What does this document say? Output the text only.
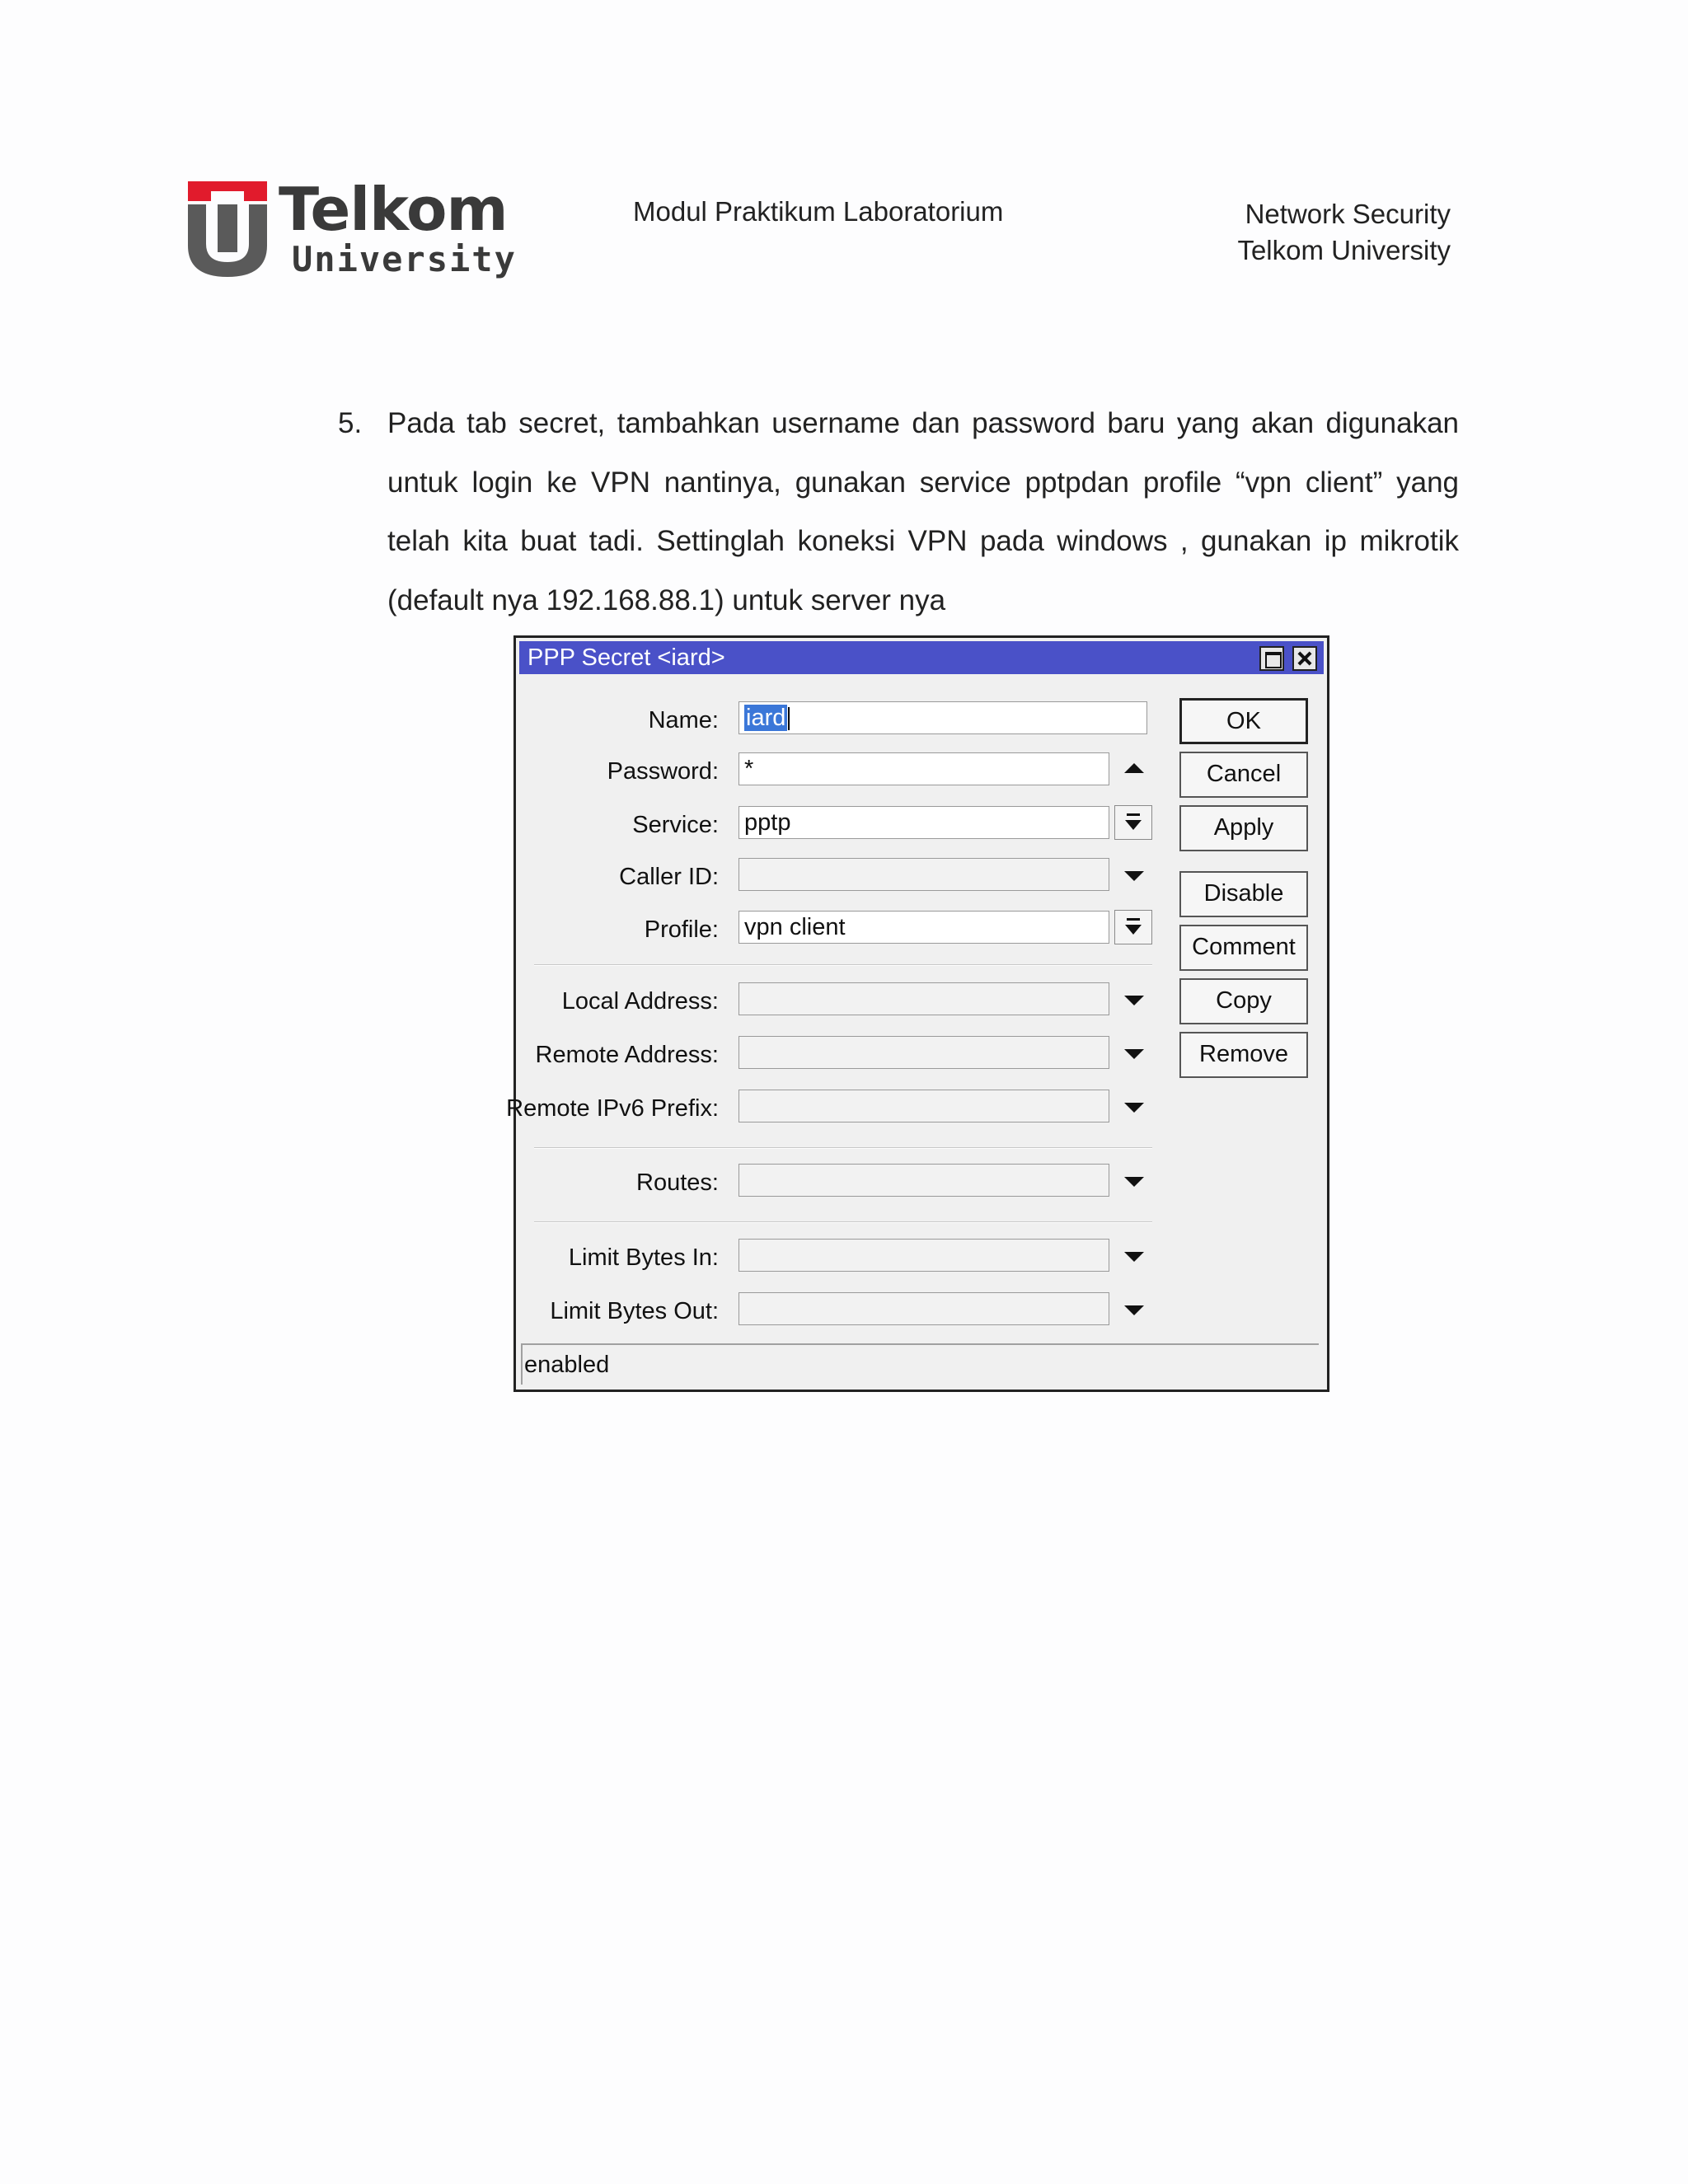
Telkom
University
Modul Praktikum Laboratorium	Network Security
Telkom University
5. Pada tab secret, tambahkan username dan password baru yang akan digunakan untuk login ke VPN nantinya, gunakan service pptpdan profile “vpn client” yang telah kita buat tadi. Settinglah koneksi VPN pada windows , gunakan ip mikrotik (default nya 192.168.88.1) untuk server nya
PPP Secret <iard>
Name:	iard
Password: *
Service: pptp
Caller ID:
Profile: vpn client
Local Address:
Remote Address:
Remote IPv6 Prefix:
Routes:
Limit Bytes In:
Limit Bytes Out:
OK
Cancel
Apply
Disable
Comment
Copy
Remove
enabled
